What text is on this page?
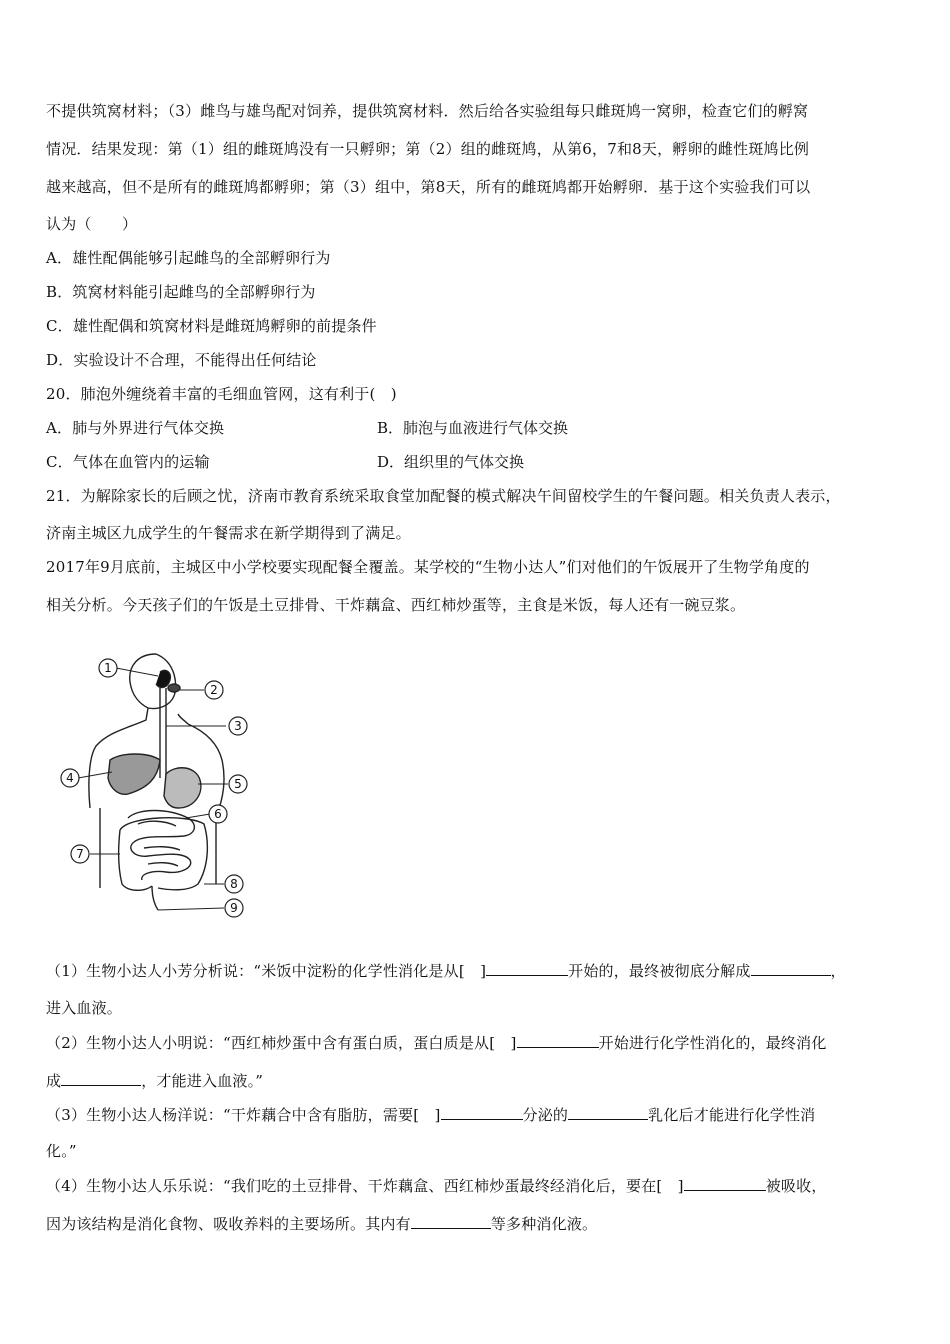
不提供筑窝材料；（3）雌鸟与雄鸟配对饲养，提供筑窝材料．然后给各实验组每只雌斑鸠一窝卵，检查它们的孵窝
情况．结果发现：第（1）组的雌斑鸠没有一只孵卵；第（2）组的雌斑鸠，从第6，7和8天，孵卵的雌性斑鸠比例
越来越高，但不是所有的雌斑鸠都孵卵；第（3）组中，第8天，所有的雌斑鸠都开始孵卵．基于这个实验我们可以
认为（　　）
A．雄性配偶能够引起雌鸟的全部孵卵行为
B．筑窝材料能引起雌鸟的全部孵卵行为
C．雄性配偶和筑窝材料是雌斑鸠孵卵的前提条件
D．实验设计不合理，不能得出任何结论
20．肺泡外缠绕着丰富的毛细血管网，这有利于(　)
A．肺与外界进行气体交换	B．肺泡与血液进行气体交换
C．气体在血管内的运输	D．组织里的气体交换
21．为解除家长的后顾之忧，济南市教育系统采取食堂加配餐的模式解决午间留校学生的午餐问题。相关负责人表示，
济南主城区九成学生的午餐需求在新学期得到了满足。
2017年9月底前，主城区中小学校要实现配餐全覆盖。某学校的“生物小达人”们对他们的午饭展开了生物学角度的
相关分析。今天孩子们的午饭是土豆排骨、干炸藕盒、西红柿炒蛋等，主食是米饭，每人还有一碗豆浆。
1
2
3
4	5
6
7
8
9
（1）生物小达人小芳分析说：“米饭中淀粉的化学性消化是从[　]	开始的，最终被彻底分解成	，
进入血液。
（2）生物小达人小明说：“西红柿炒蛋中含有蛋白质，蛋白质是从[　]	开始进行化学性消化的，最终消化
成	，才能进入血液。”
（3）生物小达人杨洋说：“干炸藕合中含有脂肪，需要[　]	分泌的	乳化后才能进行化学性消
化。”
（4）生物小达人乐乐说：“我们吃的土豆排骨、干炸藕盒、西红柿炒蛋最终经消化后，要在[　]	被吸收，
因为该结构是消化食物、吸收养料的主要场所。其内有	等多种消化液。
